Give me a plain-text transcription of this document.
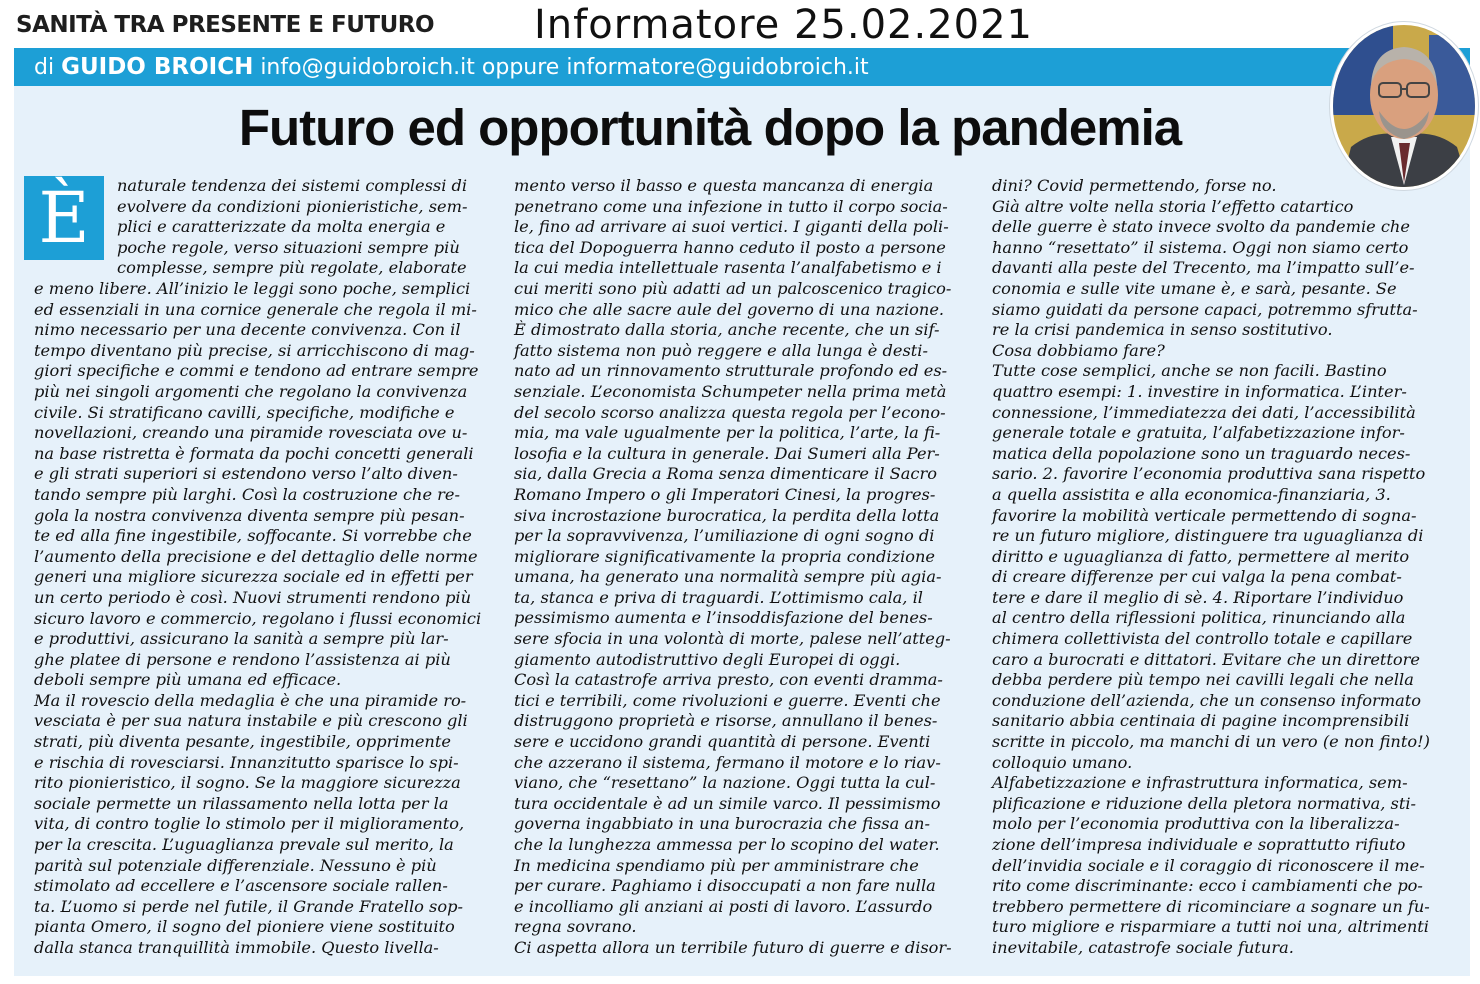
SANITÀ TRA PRESENTE E FUTURO Informatore 25.02.2021
di GUIDO BROICH info@guidobroich.it oppure informatore@guidobroich.it
Futuro ed opportunità dopo la pandemia
È	naturale tendenza dei sistemi complessi di
evolvere da condizioni pionieristiche, sem-
plici e caratterizzate da molta energia e
poche regole, verso situazioni sempre più
complesse, sempre più regolate, elaborate
e meno libere. All’inizio le leggi sono poche, semplici
ed essenziali in una cornice generale che regola il mi-
nimo necessario per una decente convivenza. Con il
tempo diventano più precise, si arricchiscono di mag-
giori specifiche e commi e tendono ad entrare sempre
più nei singoli argomenti che regolano la convivenza
civile. Si stratificano cavilli, specifiche, modifiche e
novellazioni, creando una piramide rovesciata ove u-
na base ristretta è formata da pochi concetti generali
e gli strati superiori si estendono verso l’alto diven-
tando sempre più larghi. Così la costruzione che re-
gola la nostra convivenza diventa sempre più pesan-
te ed alla fine ingestibile, soffocante. Si vorrebbe che
l’aumento della precisione e del dettaglio delle norme
generi una migliore sicurezza sociale ed in effetti per
un certo periodo è così. Nuovi strumenti rendono più
sicuro lavoro e commercio, regolano i flussi economici
e produttivi, assicurano la sanità a sempre più lar-
ghe platee di persone e rendono l’assistenza ai più
deboli sempre più umana ed efficace.
Ma il rovescio della medaglia è che una piramide ro-
vesciata è per sua natura instabile e più crescono gli
strati, più diventa pesante, ingestibile, opprimente
e rischia di rovesciarsi. Innanzitutto sparisce lo spi-
rito pionieristico, il sogno. Se la maggiore sicurezza
sociale permette un rilassamento nella lotta per la
vita, di contro toglie lo stimolo per il miglioramento,
per la crescita. L’uguaglianza prevale sul merito, la
parità sul potenziale differenziale. Nessuno è più
stimolato ad eccellere e l’ascensore sociale rallen-
ta. L’uomo si perde nel futile, il Grande Fratello sop-
pianta Omero, il sogno del pioniere viene sostituito
dalla stanca tranquillità immobile. Questo livella-
mento verso il basso e questa mancanza di energia
penetrano come una infezione in tutto il corpo socia-
le, fino ad arrivare ai suoi vertici. I giganti della poli-
tica del Dopoguerra hanno ceduto il posto a persone
la cui media intellettuale rasenta l’analfabetismo e i
cui meriti sono più adatti ad un palcoscenico tragico-
mico che alle sacre aule del governo di una nazione.
È dimostrato dalla storia, anche recente, che un sif-
fatto sistema non può reggere e alla lunga è desti-
nato ad un rinnovamento strutturale profondo ed es-
senziale. L’economista Schumpeter nella prima metà
del secolo scorso analizza questa regola per l’econo-
mia, ma vale ugualmente per la politica, l’arte, la fi-
losofia e la cultura in generale. Dai Sumeri alla Per-
sia, dalla Grecia a Roma senza dimenticare il Sacro
Romano Impero o gli Imperatori Cinesi, la progres-
siva incrostazione burocratica, la perdita della lotta
per la sopravvivenza, l’umiliazione di ogni sogno di
migliorare significativamente la propria condizione
umana, ha generato una normalità sempre più agia-
ta, stanca e priva di traguardi. L’ottimismo cala, il
pessimismo aumenta e l’insoddisfazione del benes-
sere sfocia in una volontà di morte, palese nell’atteg-
giamento autodistruttivo degli Europei di oggi.
Così la catastrofe arriva presto, con eventi dramma-
tici e terribili, come rivoluzioni e guerre. Eventi che
distruggono proprietà e risorse, annullano il benes-
sere e uccidono grandi quantità di persone. Eventi
che azzerano il sistema, fermano il motore e lo riav-
viano, che “resettano” la nazione. Oggi tutta la cul-
tura occidentale è ad un simile varco. Il pessimismo
governa ingabbiato in una burocrazia che fissa an-
che la lunghezza ammessa per lo scopino del water.
In medicina spendiamo più per amministrare che
per curare. Paghiamo i disoccupati a non fare nulla
e incolliamo gli anziani ai posti di lavoro. L’assurdo
regna sovrano.
Ci aspetta allora un terribile futuro di guerre e disor-
dini? Covid permettendo, forse no.
Già altre volte nella storia l’effetto catartico
delle guerre è stato invece svolto da pandemie che
hanno “resettato” il sistema. Oggi non siamo certo
davanti alla peste del Trecento, ma l’impatto sull’e-
conomia e sulle vite umane è, e sarà, pesante. Se
siamo guidati da persone capaci, potremmo sfrutta-
re la crisi pandemica in senso sostitutivo.
Cosa dobbiamo fare?
Tutte cose semplici, anche se non facili. Bastino
quattro esempi: 1. investire in informatica. L’inter-
connessione, l’immediatezza dei dati, l’accessibilità
generale totale e gratuita, l’alfabetizzazione infor-
matica della popolazione sono un traguardo neces-
sario. 2. favorire l’economia produttiva sana rispetto
a quella assistita e alla economica-finanziaria, 3.
favorire la mobilità verticale permettendo di sogna-
re un futuro migliore, distinguere tra uguaglianza di
diritto e uguaglianza di fatto, permettere al merito
di creare differenze per cui valga la pena combat-
tere e dare il meglio di sè. 4. Riportare l’individuo
al centro della riflessioni politica, rinunciando alla
chimera collettivista del controllo totale e capillare
caro a burocrati e dittatori. Evitare che un direttore
debba perdere più tempo nei cavilli legali che nella
conduzione dell’azienda, che un consenso informato
sanitario abbia centinaia di pagine incomprensibili
scritte in piccolo, ma manchi di un vero (e non finto!)
colloquio umano.
Alfabetizzazione e infrastruttura informatica, sem-
plificazione e riduzione della pletora normativa, sti-
molo per l’economia produttiva con la liberalizza-
zione dell’impresa individuale e soprattutto rifiuto
dell’invidia sociale e il coraggio di riconoscere il me-
rito come discriminante: ecco i cambiamenti che po-
trebbero permettere di ricominciare a sognare un fu-
turo migliore e risparmiare a tutti noi una, altrimenti
inevitabile, catastrofe sociale futura.
